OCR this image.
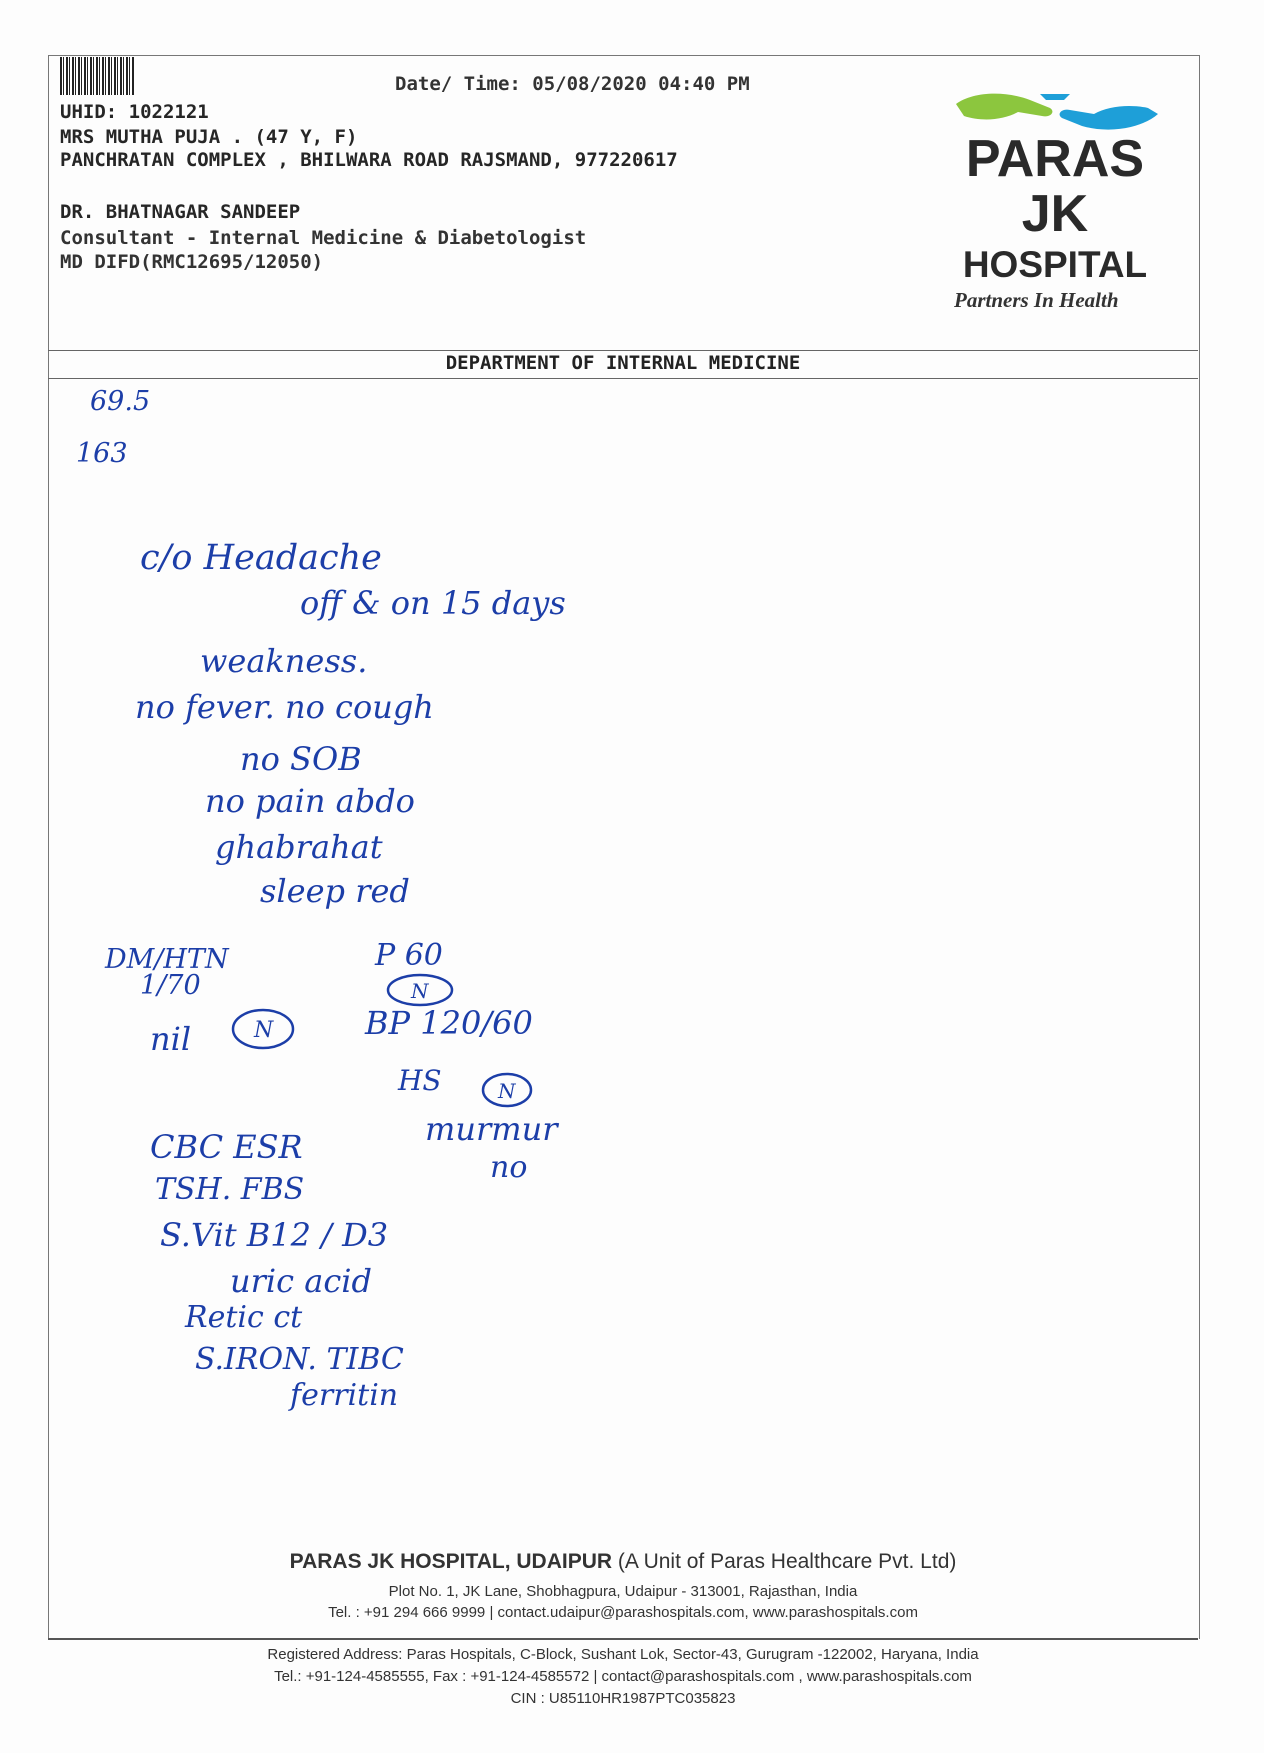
Date/ Time: 05/08/2020 04:40 PM
UHID: 1022121
MRS MUTHA PUJA . (47 Y, F)
PANCHRATAN COMPLEX , BHILWARA ROAD RAJSMAND, 977220617
DR. BHATNAGAR SANDEEP
Consultant - Internal Medicine & Diabetologist
MD DIFD(RMC12695/12050)
PARAS
JK
HOSPITAL
Partners In Health
DEPARTMENT OF INTERNAL MEDICINE
69.5
163
c/o Headache
off & on 15 days
weakness.
no fever. no cough
no SOB
no pain abdo
ghabrahat
sleep red
DM/HTN
1/70
nil	N
P 60
N
BP 120/60
HS	N
murmur
no
CBC ESR
TSH. FBS
S.Vit B12 / D3
uric acid
Retic ct
S.IRON. TIBC
ferritin
PARAS JK HOSPITAL, UDAIPUR (A Unit of Paras Healthcare Pvt. Ltd)
Plot No. 1, JK Lane, Shobhagpura, Udaipur - 313001, Rajasthan, India
Tel. : +91 294 666 9999 | contact.udaipur@parashospitals.com, www.parashospitals.com
Registered Address: Paras Hospitals, C-Block, Sushant Lok, Sector-43, Gurugram -122002, Haryana, India
Tel.: +91-124-4585555, Fax : +91-124-4585572 | contact@parashospitals.com , www.parashospitals.com
CIN : U85110HR1987PTC035823
